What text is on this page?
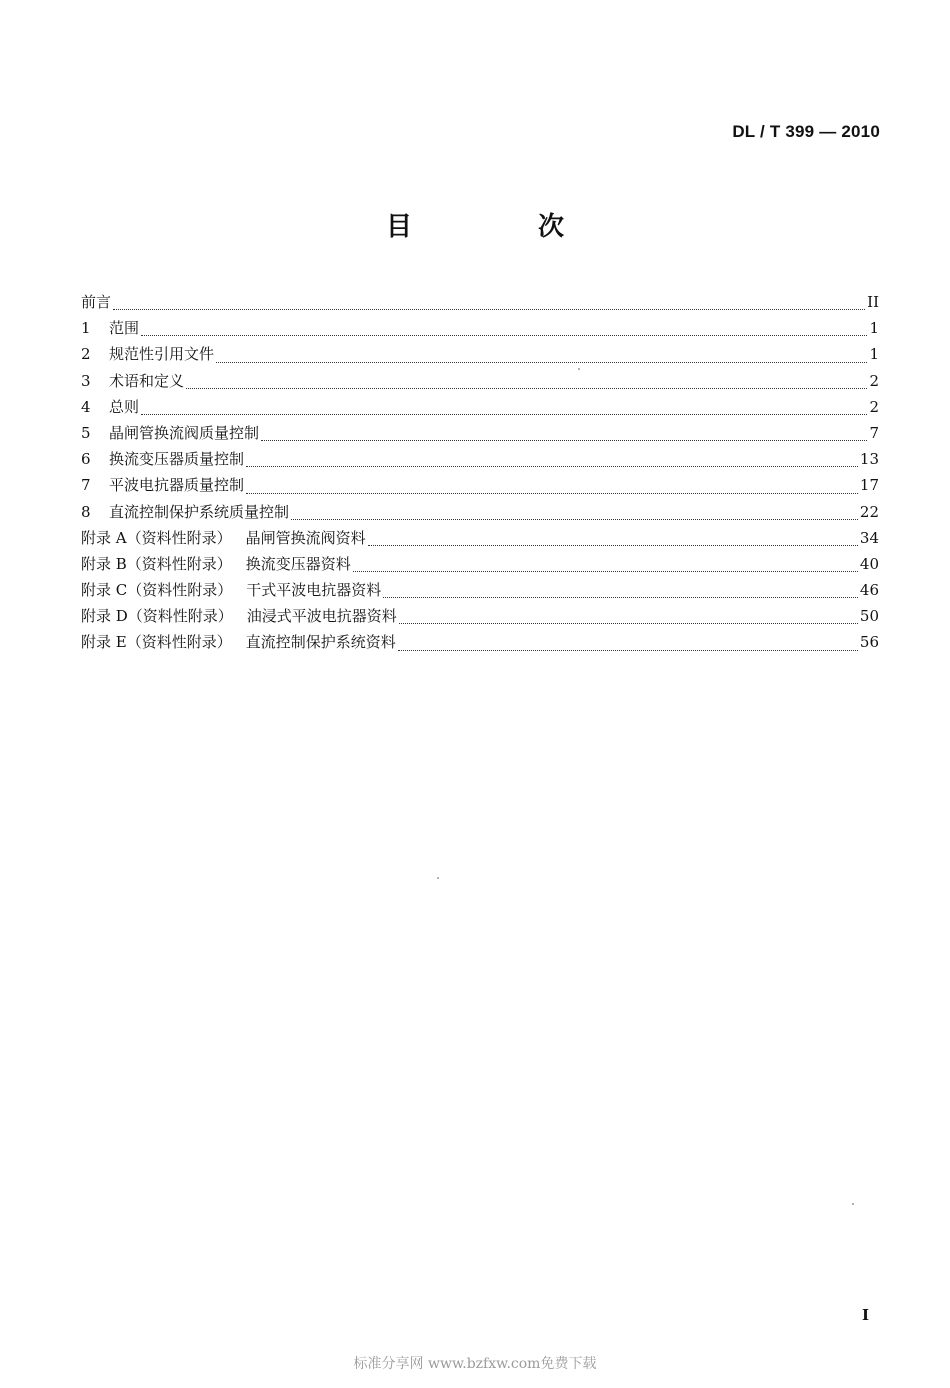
DL / T 399 — 2010
目　次
前言	II
1	范围	1
2	规范性引用文件	1
3	术语和定义	2
4	总则	2
5	晶闸管换流阀质量控制	7
6	换流变压器质量控制	13
7	平波电抗器质量控制	17
8	直流控制保护系统质量控制	22
附录 A（资料性附录） 晶闸管换流阀资料	34
附录 B（资料性附录） 换流变压器资料	40
附录 C（资料性附录） 干式平波电抗器资料	46
附录 D（资料性附录） 油浸式平波电抗器资料	50
附录 E（资料性附录） 直流控制保护系统资料	56
I
标准分享网 www.bzfxw.com免费下载
